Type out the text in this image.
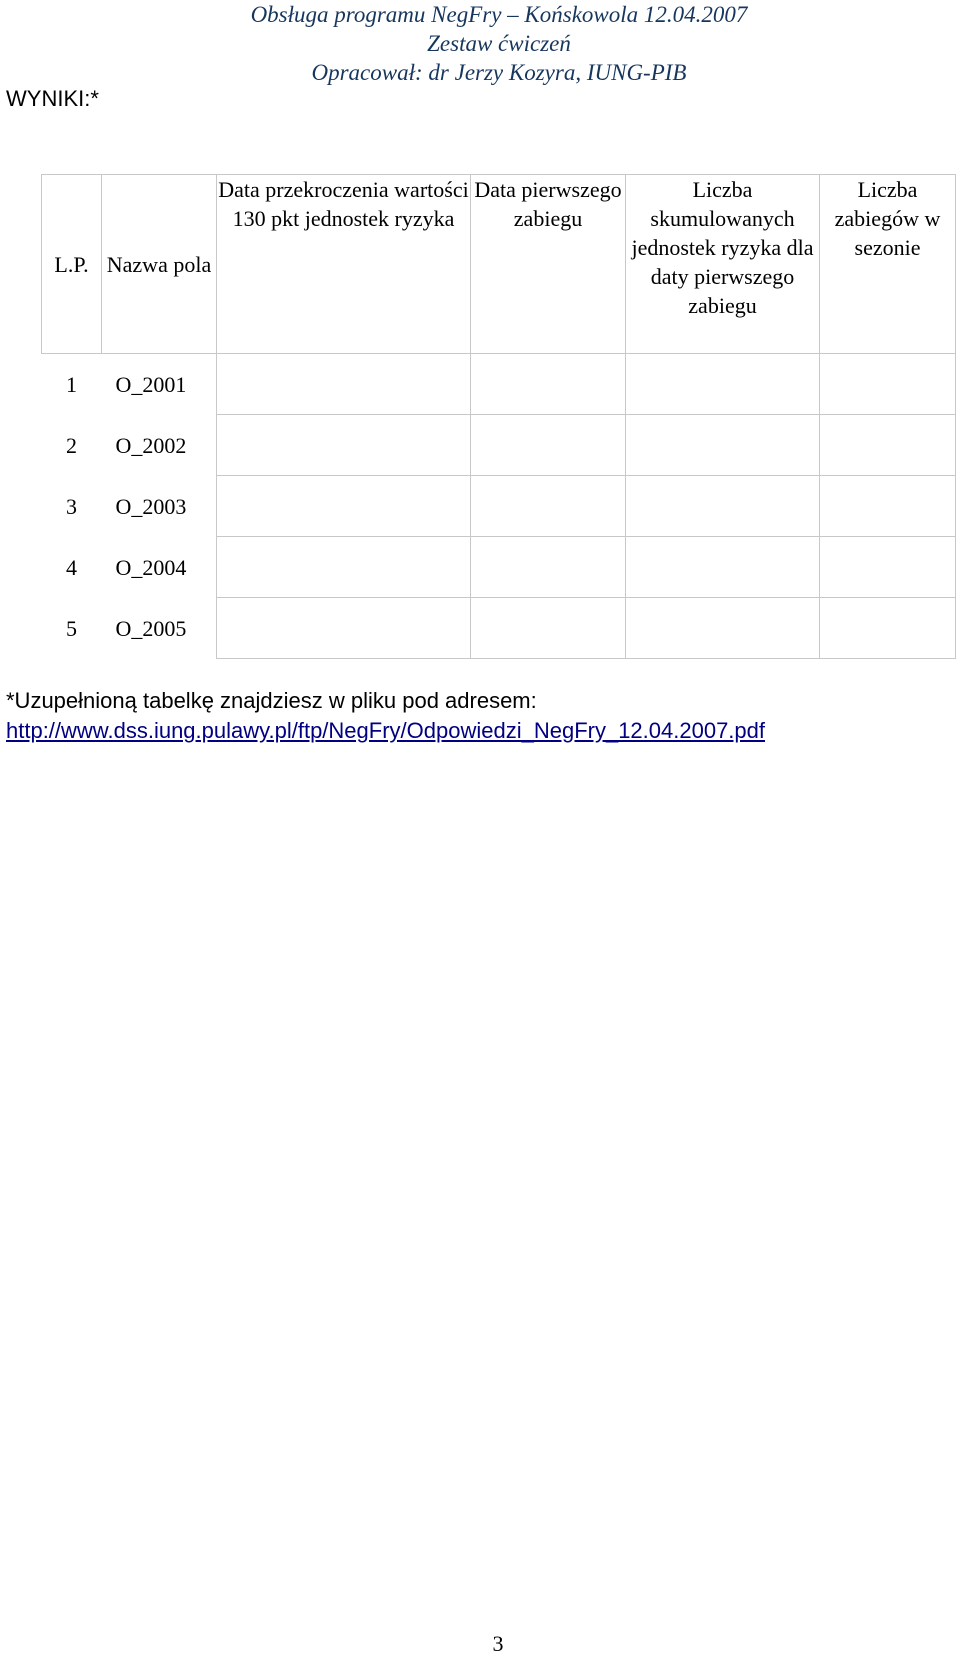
Obsługa programu NegFry – Końskowola 12.04.2007
Zestaw ćwiczeń
Opracował: dr Jerzy Kozyra, IUNG-PIB
WYNIKI:*
L.P.	Nazwa pola	Data przekroczenia wartości 130 pkt jednostek ryzyka	Data pierwszego zabiegu	Liczba skumulowanych jednostek ryzyka dla daty pierwszego zabiegu	Liczba zabiegów w sezonie

1	O_2001				
2	O_2002				
3	O_2003				
4	O_2004				
5	O_2005				
*Uzupełnioną tabelkę znajdziesz w pliku pod adresem:
http://www.dss.iung.pulawy.pl/ftp/NegFry/Odpowiedzi_NegFry_12.04.2007.pdf
3
